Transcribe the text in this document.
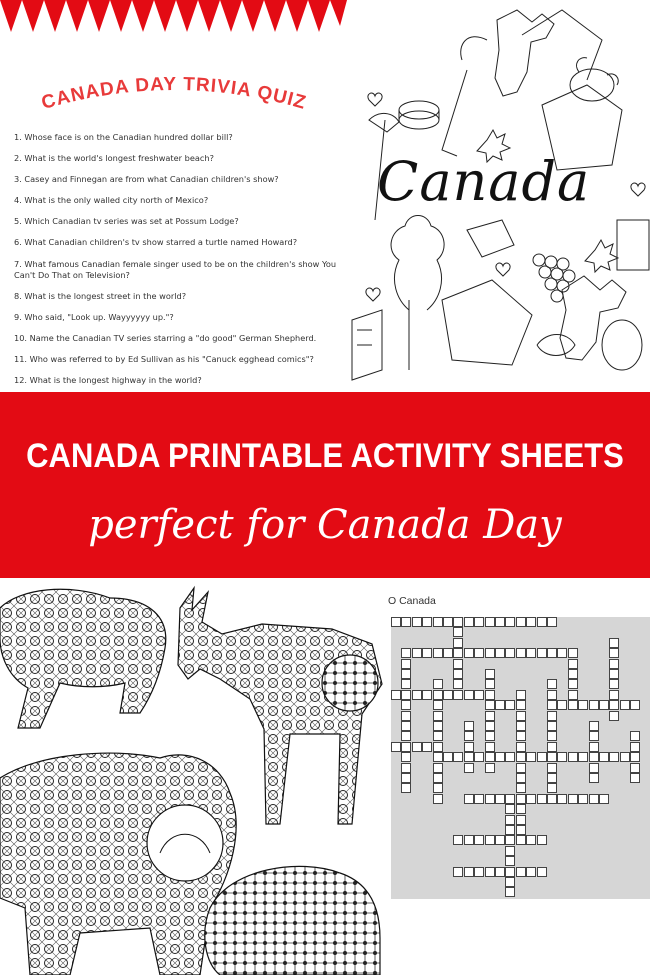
CANADA DAY TRIVIA QUIZ
1. Whose face is on the Canadian hundred dollar bill?
2. What is the world's longest freshwater beach?
3. Casey and Finnegan are from what Canadian children's show?
4. What is the only walled city north of Mexico?
5. Which Canadian tv series was set at Possum Lodge?
6. What Canadian children's tv show starred a turtle named Howard?
7. What famous Canadian female singer used to be on the children's show You Can't Do That on Television?
8. What is the longest street in the world?
9. Who said, "Look up. Wayyyyyy up."?
10. Name the Canadian TV series starring a "do good" German Shepherd.
11. Who was referred to by Ed Sullivan as his "Canuck egghead comics"?
12. What is the longest highway in the world?
Canada
CANADA PRINTABLE ACTIVITY SHEETS
perfect for Canada Day
O Canada
